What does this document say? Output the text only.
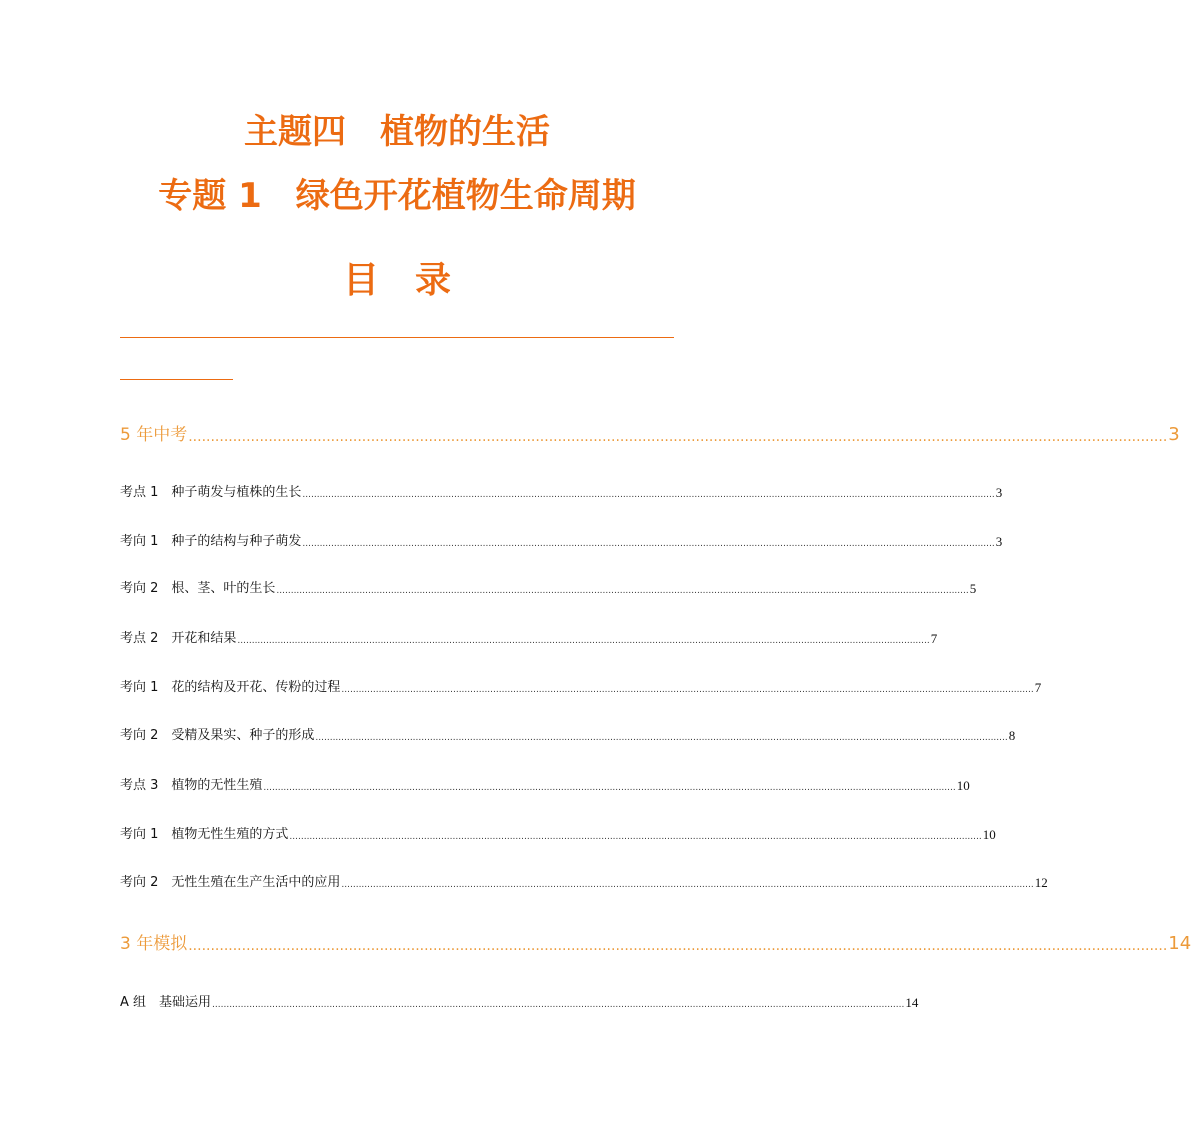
主题四　植物的生活
专题 1　绿色开花植物生命周期
目　录
5 年中考 ............................................................................................................................................................................................................................ 3
考点 1　种子萌发与植株的生长 .................................................................................................................................................................................................................................................. 3
考向 1　种子的结构与种子萌发 .................................................................................................................................................................................................................................................. 3
考向 2　根、茎、叶的生长 .................................................................................................................................................................................................................................................. 5
考点 2　开花和结果 .................................................................................................................................................................................................................................................. 7
考向 1　花的结构及开花、传粉的过程 .................................................................................................................................................................................................................................................. 7
考向 2　受精及果实、种子的形成 .................................................................................................................................................................................................................................................. 8
考点 3　植物的无性生殖 .................................................................................................................................................................................................................................................. 10
考向 1　植物无性生殖的方式 .................................................................................................................................................................................................................................................. 10
考向 2　无性生殖在生产生活中的应用 .................................................................................................................................................................................................................................................. 12
3 年模拟 ............................................................................................................................................................................................................................ 14
A 组　基础运用 .................................................................................................................................................................................................................................................. 14
